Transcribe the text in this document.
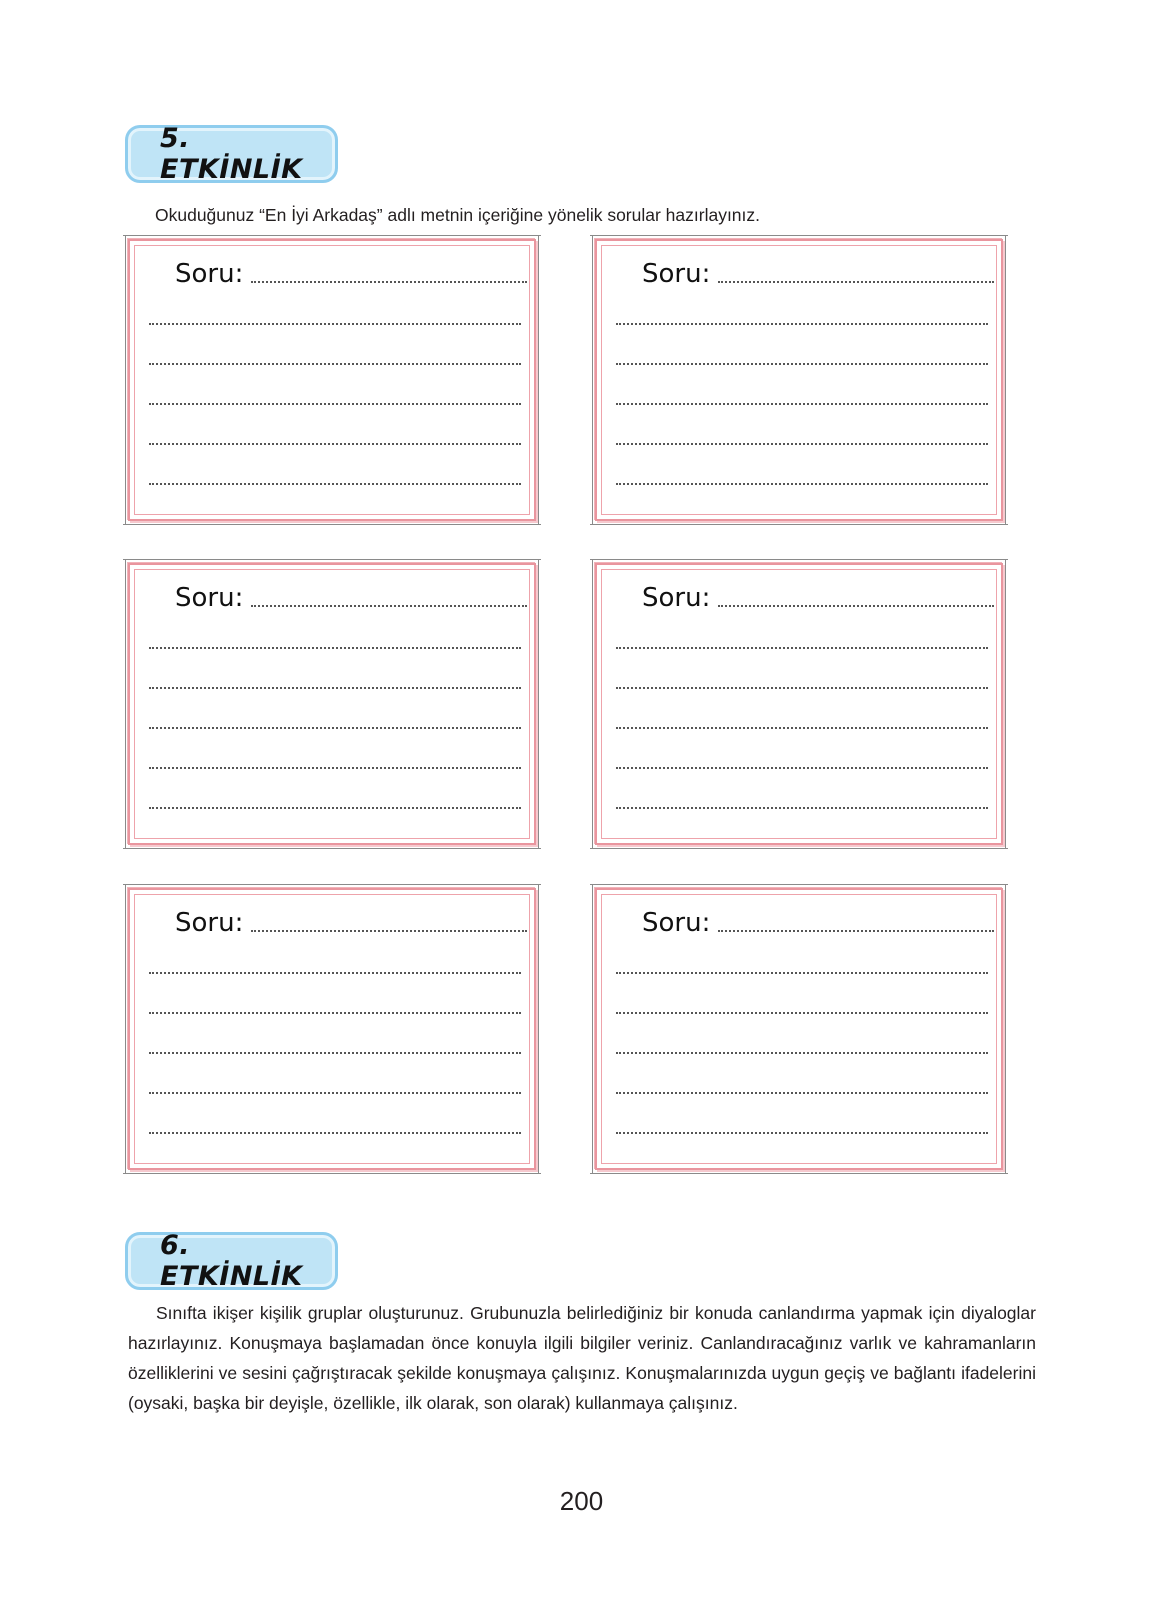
5. ETKİNLİK
Okuduğunuz “En İyi Arkadaş” adlı metnin içeriğine yönelik sorular hazırlayınız.
Soru:	Soru:
Soru:	Soru:
Soru:	Soru:
6. ETKİNLİK
Sınıfta ikişer kişilik gruplar oluşturunuz. Grubunuzla belirlediğiniz bir konuda canlandırma yapmak için diyaloglar hazırlayınız. Konuşmaya başlamadan önce konuyla ilgili bilgiler veriniz. Canlandıracağınız varlık ve kahramanların özelliklerini ve sesini çağrıştıracak şekilde konuşmaya çalışınız. Konuşmalarınızda uygun geçiş ve bağlantı ifadelerini (oysaki, başka bir deyişle, özellikle, ilk olarak, son olarak) kullanmaya çalışınız.
200
